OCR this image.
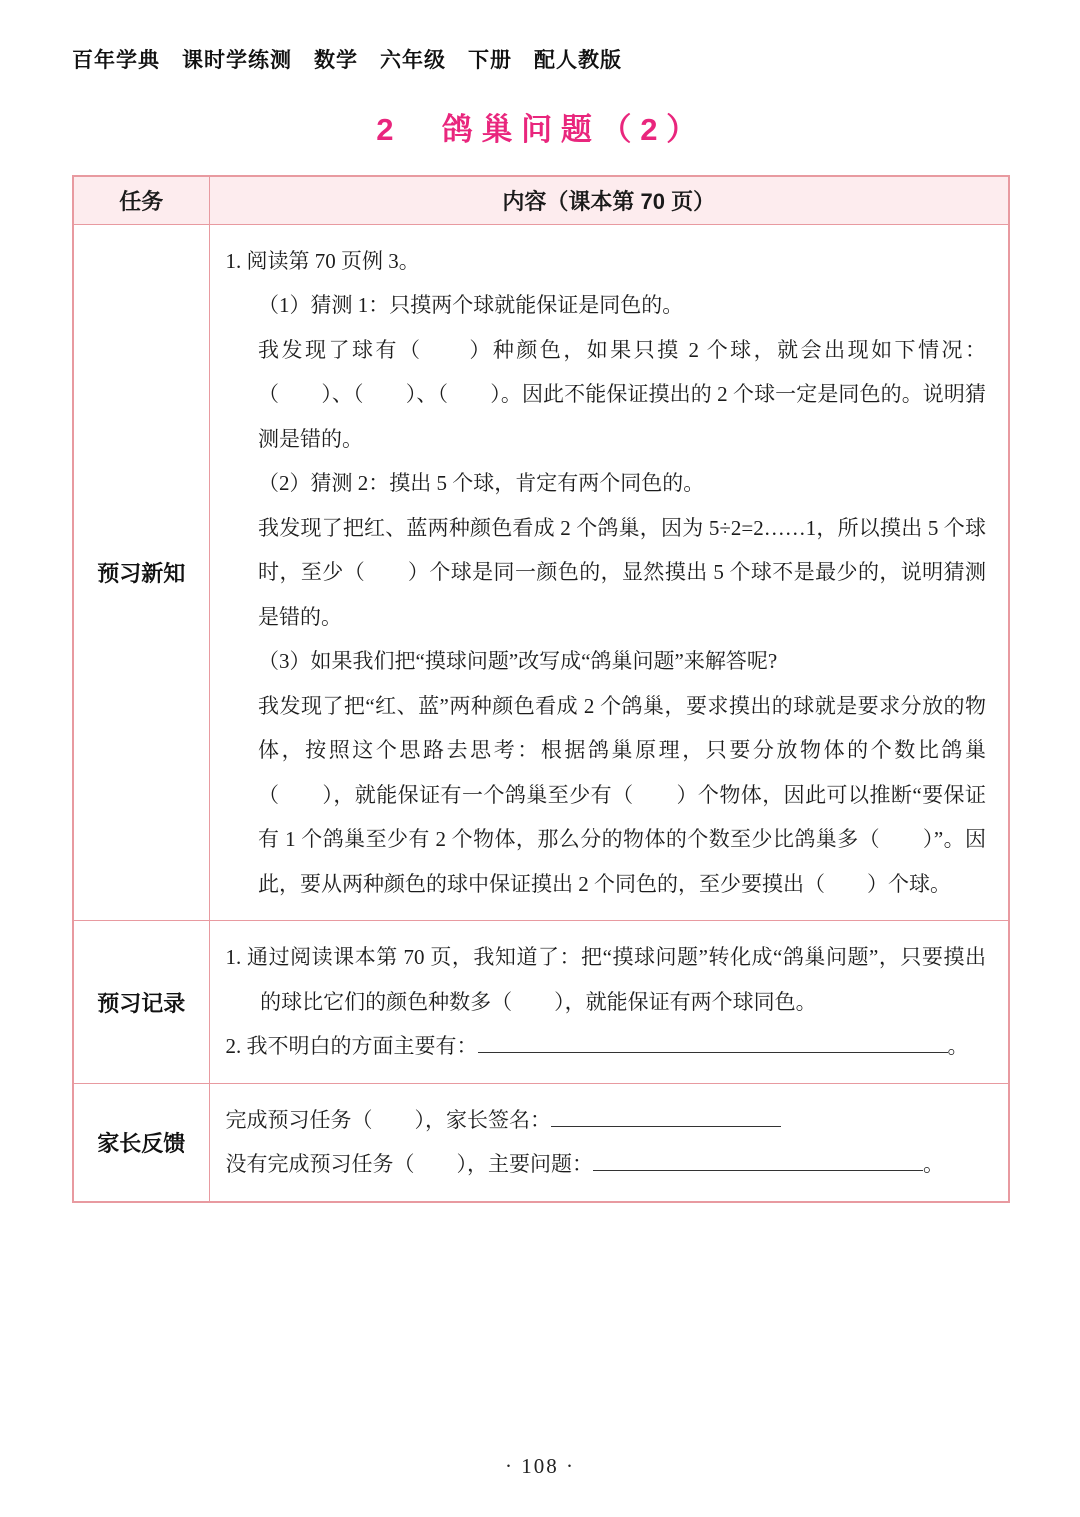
百年学典　课时学练测　数学　六年级　下册　配人教版
2　鸽巢问题（2）
任务	内容（课本第 70 页）
预习新知	

1. 阅读第 70 页例 3。

（1）猜测 1：只摸两个球就能保证是同色的。

我发现了球有（　　）种颜色，如果只摸 2 个球，就会出现如下情况：（　　）、（　　）、（　　）。因此不能保证摸出的 2 个球一定是同色的。说明猜测是错的。

（2）猜测 2：摸出 5 个球，肯定有两个同色的。

我发现了把红、蓝两种颜色看成 2 个鸽巢，因为 5÷2=2……1，所以摸出 5 个球时，至少（　　）个球是同一颜色的，显然摸出 5 个球不是最少的，说明猜测是错的。

（3）如果我们把“摸球问题”改写成“鸽巢问题”来解答呢?

我发现了把“红、蓝”两种颜色看成 2 个鸽巢，要求摸出的球就是要求分放的物体，按照这个思路去思考：根据鸽巢原理，只要分放物体的个数比鸽巢（　　），就能保证有一个鸽巢至少有（　　）个物体，因此可以推断“要保证有 1 个鸽巢至少有 2 个物体，那么分的物体的个数至少比鸽巢多（　　）”。因此，要从两种颜色的球中保证摸出 2 个同色的，至少要摸出（　　）个球。

预习记录	1. 通过阅读课本第 70 页，我知道了：把“摸球问题”转化成“鸽巢问题”，只要摸出的球比它们的颜色种数多（　　），就能保证有两个球同色。

2. 我不明白的方面主要有： 。

家长反馈	完成预习任务（　　），家长签名：

没有完成预习任务（　　），主要问题： 。

· 108 ·
